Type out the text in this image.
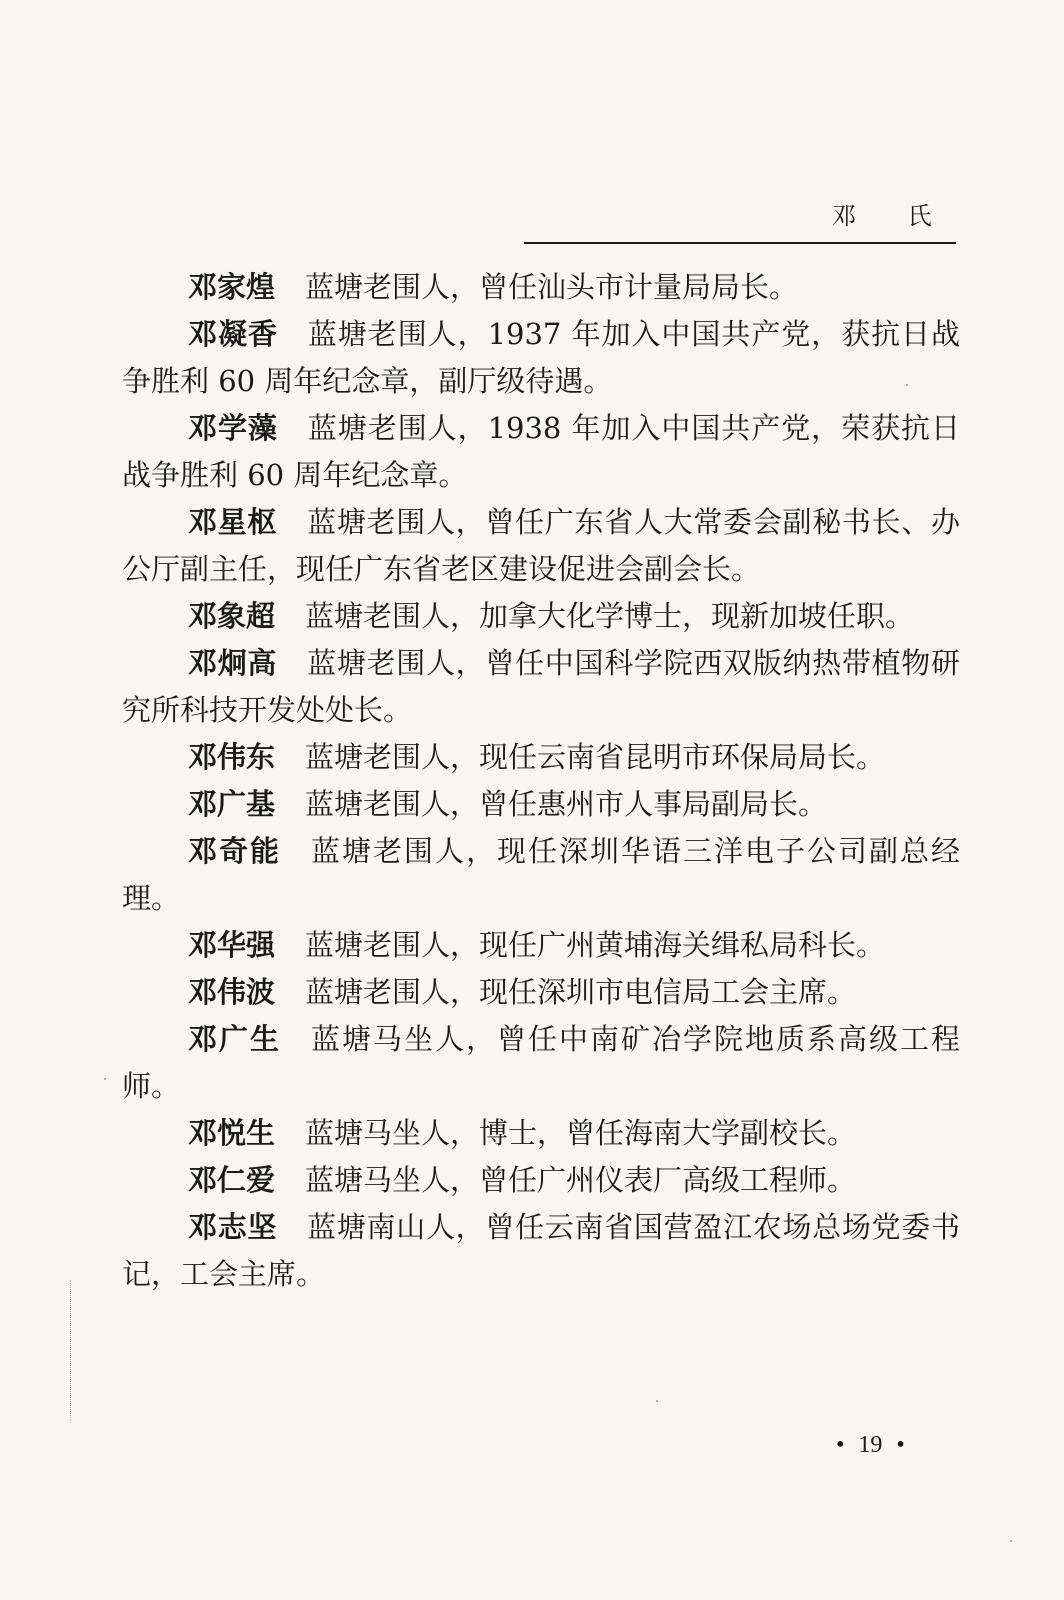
邓 氏

邓家煌 蓝塘老围人，曾任汕头市计量局局长。

邓凝香 蓝塘老围人，1937 年加入中国共产党，获抗日战争胜利 60 周年纪念章，副厅级待遇。

邓学藻 蓝塘老围人，1938 年加入中国共产党，荣获抗日战争胜利 60 周年纪念章。

邓星枢 蓝塘老围人，曾任广东省人大常委会副秘书长、办公厅副主任，现任广东省老区建设促进会副会长。

邓象超 蓝塘老围人，加拿大化学博士，现新加坡任职。

邓炯高 蓝塘老围人，曾任中国科学院西双版纳热带植物研究所科技开发处处长。

邓伟东 蓝塘老围人，现任云南省昆明市环保局局长。

邓广基 蓝塘老围人，曾任惠州市人事局副局长。

邓奇能 蓝塘老围人，现任深圳华语三洋电子公司副总经理。

邓华强 蓝塘老围人，现任广州黄埔海关缉私局科长。

邓伟波 蓝塘老围人，现任深圳市电信局工会主席。

邓广生 蓝塘马坐人，曾任中南矿冶学院地质系高级工程师。

邓悦生 蓝塘马坐人，博士，曾任海南大学副校长。

邓仁爱 蓝塘马坐人，曾任广州仪表厂高级工程师。

邓志坚 蓝塘南山人，曾任云南省国营盈江农场总场党委书记，工会主席。

• 19 •
